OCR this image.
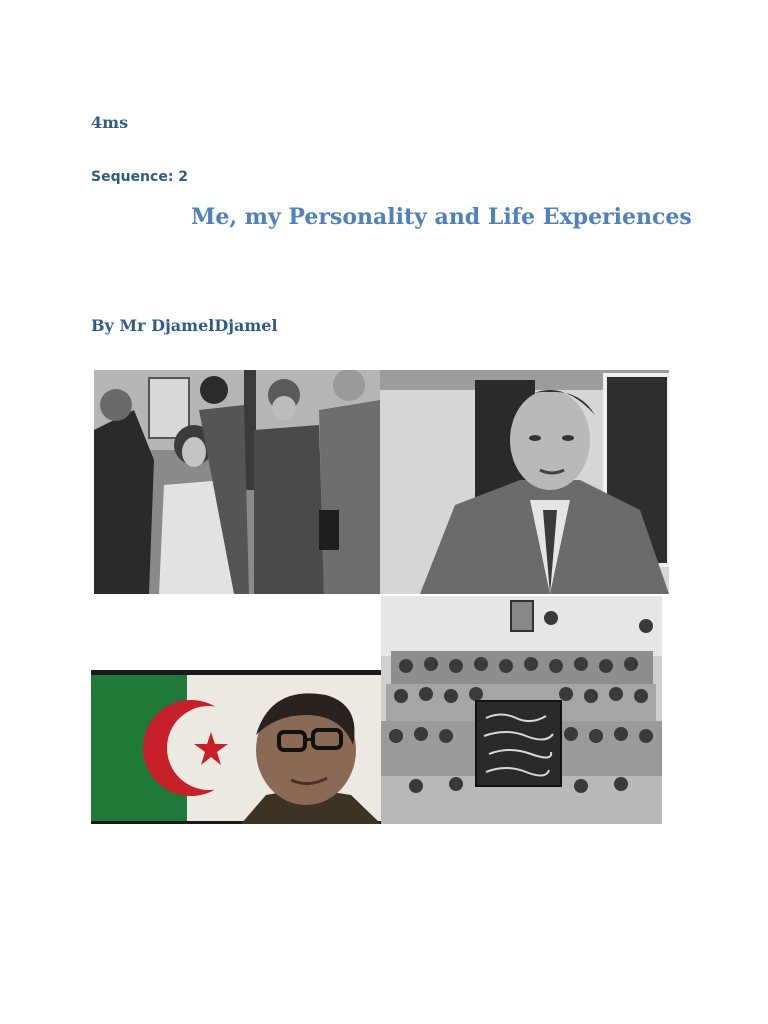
4ms
Sequence: 2
Me, my Personality and Life Experiences
By Mr DjamelDjamel
